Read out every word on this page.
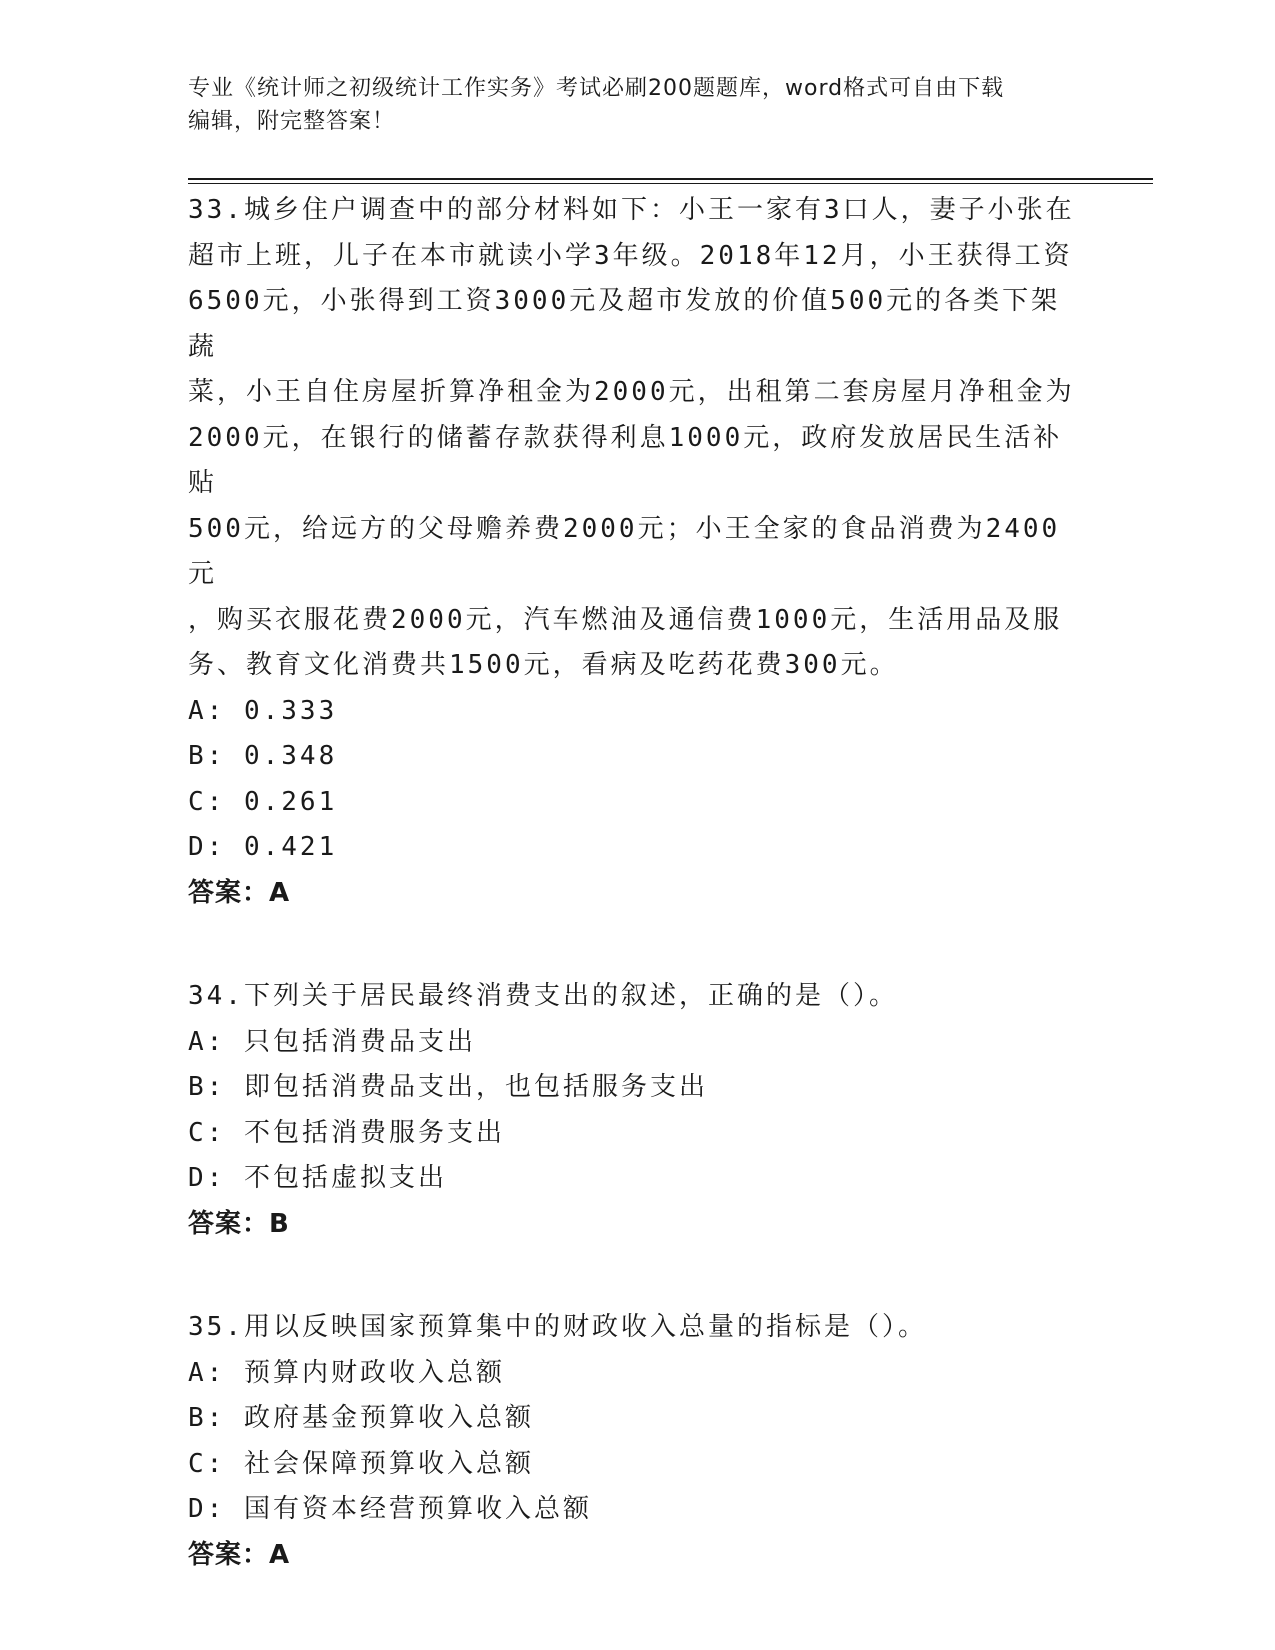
专业《统计师之初级统计工作实务》考试必刷200题题库，word格式可自由下载
编辑，附完整答案！
33.城乡住户调查中的部分材料如下：小王一家有3口人，妻子小张在
超市上班，儿子在本市就读小学3年级。2018年12月，小王获得工资
6500元，小张得到工资3000元及超市发放的价值500元的各类下架蔬
菜，小王自住房屋折算净租金为2000元，出租第二套房屋月净租金为
2000元，在银行的储蓄存款获得利息1000元，政府发放居民生活补贴
500元，给远方的父母赡养费2000元；小王全家的食品消费为2400元
，购买衣服花费2000元，汽车燃油及通信费1000元，生活用品及服
务、教育文化消费共1500元，看病及吃药花费300元。
A: 0.333
B: 0.348
C: 0.261
D: 0.421
答案：A
34.下列关于居民最终消费支出的叙述，正确的是（）。
A: 只包括消费品支出
B: 即包括消费品支出，也包括服务支出
C: 不包括消费服务支出
D: 不包括虚拟支出
答案：B
35.用以反映国家预算集中的财政收入总量的指标是（）。
A: 预算内财政收入总额
B: 政府基金预算收入总额
C: 社会保障预算收入总额
D: 国有资本经营预算收入总额
答案：A
